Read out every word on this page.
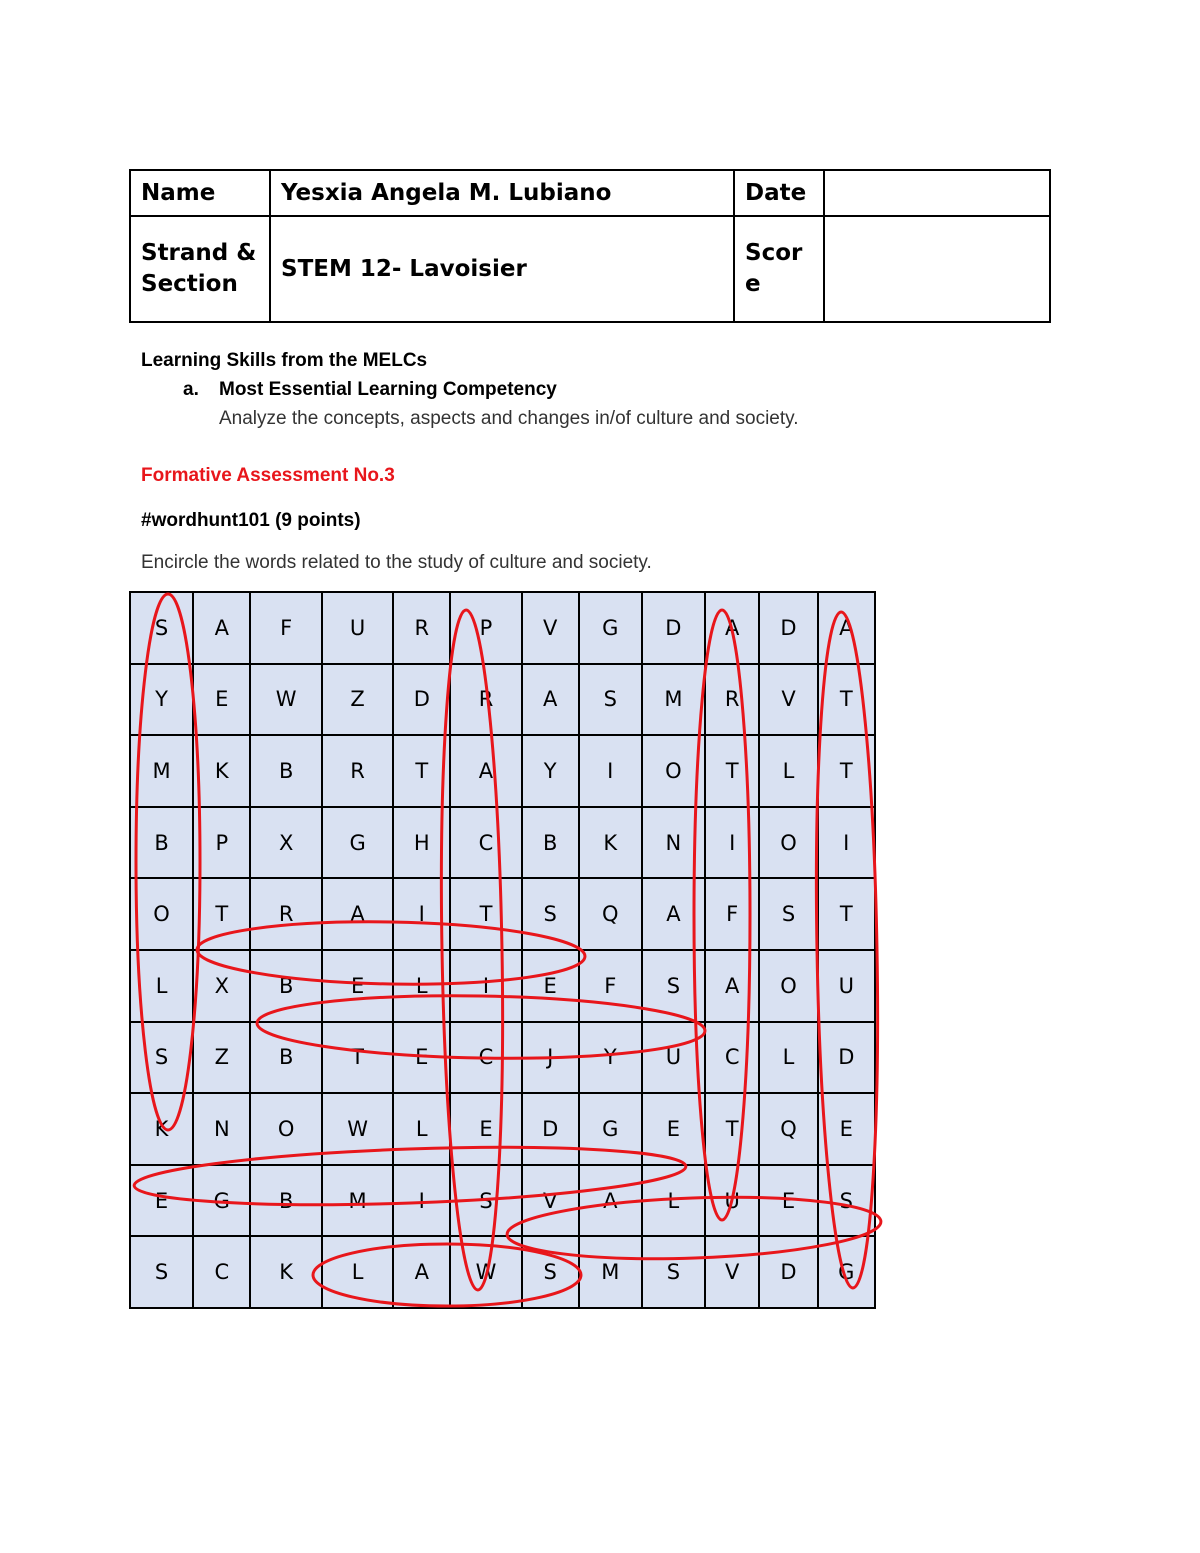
Name	Yesxia Angela M. Lubiano	Date	
Strand & Section	STEM 12- Lavoisier	Score	
Learning Skills from the MELCs
a. Most Essential Learning Competency
Analyze the concepts, aspects and changes in/of culture and society.
Formative Assessment No.3
#wordhunt101 (9 points)
Encircle the words related to the study of culture and society.
S	A	F	U	R	P	V	G	D	A	D	A
Y	E	W	Z	D	R	A	S	M	R	V	T
M	K	B	R	T	A	Y	I	O	T	L	T
B	P	X	G	H	C	B	K	N	I	O	I
O	T	R	A	I	T	S	Q	A	F	S	T
L	X	B	E	L	I	E	F	S	A	O	U
S	Z	B	T	E	C	J	Y	U	C	L	D
K	N	O	W	L	E	D	G	E	T	Q	E
E	G	B	M	I	S	V	A	L	U	E	S
S	C	K	L	A	W	S	M	S	V	D	G
